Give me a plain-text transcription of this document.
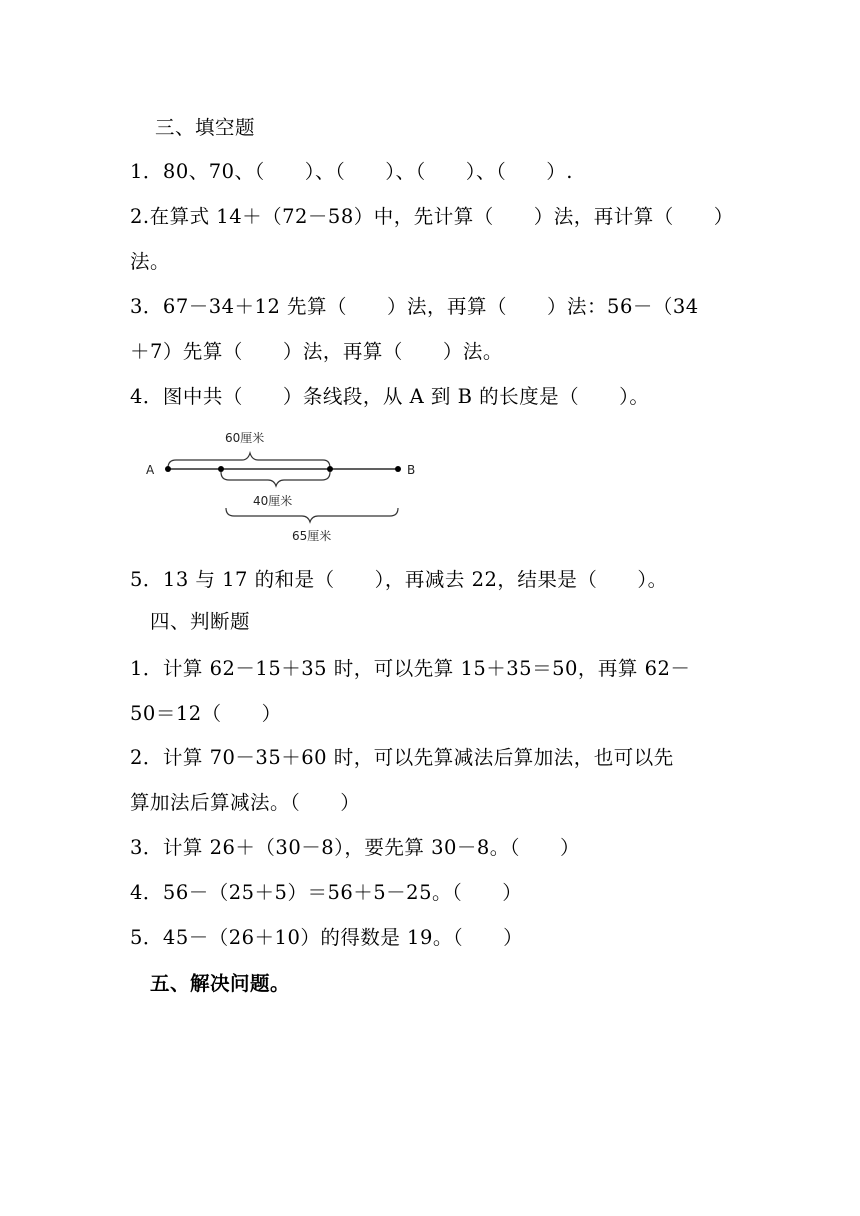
三、填空题
1．80、70、（　　）、（　　）、（　　）、（　　）.
2.在算式 14＋（72－58）中，先计算（　　）法，再计算（　　）
法。
3．67－34＋12 先算（　　）法，再算（　　）法：56－（34
＋7）先算（　　）法，再算（　　）法。
4．图中共（　　）条线段，从 A 到 B 的长度是（　　）。
60厘米
A	B
40厘米
65厘米
5．13 与 17 的和是（　　），再减去 22，结果是（　　）。
四、判断题
1．计算 62－15＋35 时，可以先算 15＋35＝50，再算 62－
50＝12（　　）
2．计算 70－35＋60 时，可以先算减法后算加法，也可以先
算加法后算减法。（　　）
3．计算 26＋（30－8），要先算 30－8。（　　）
4．56－（25＋5）＝56＋5－25。（　　）
5．45－（26＋10）的得数是 19。（　　）
五、解决问题。
